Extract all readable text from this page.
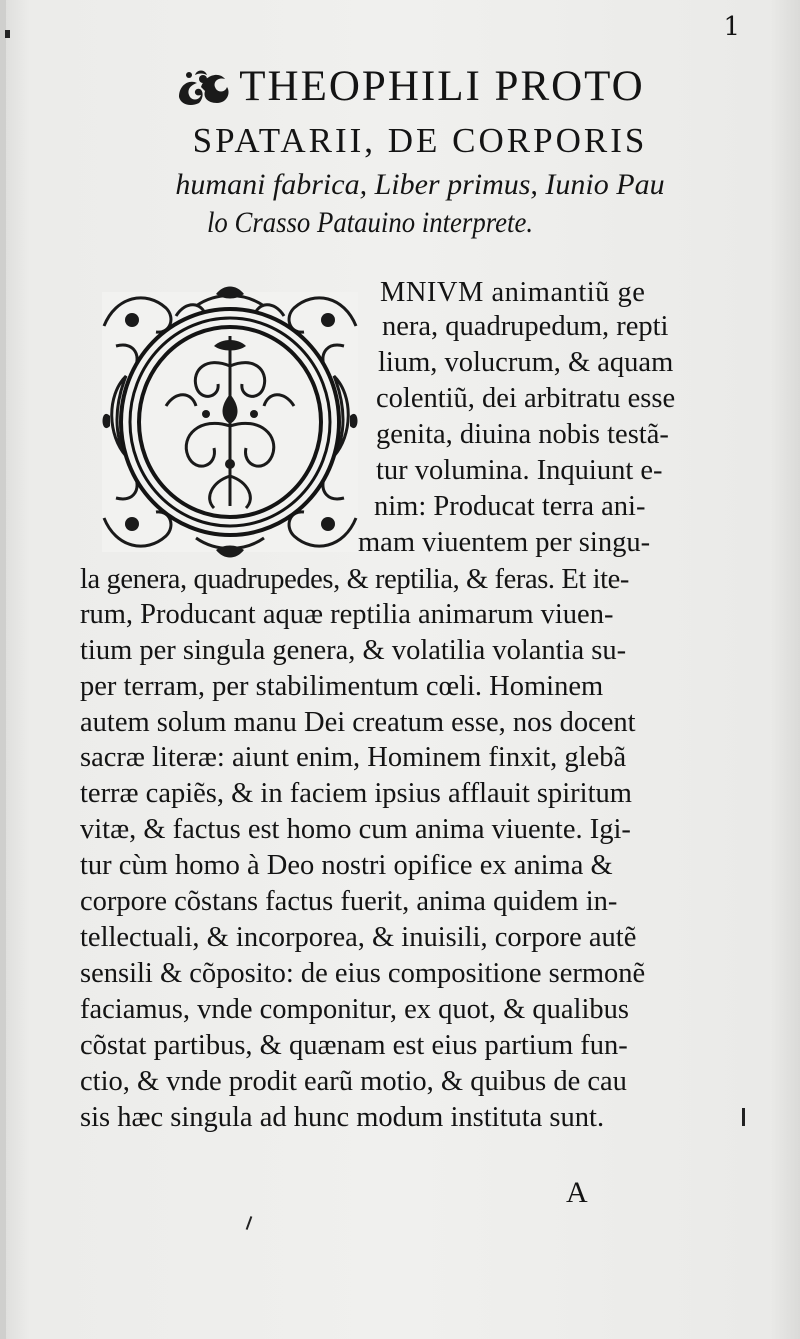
1
THEOPHILI PROTO
SPATARII, DE CORPORIS
humani fabrica, Liber primus, Iunio Pau
lo Crasso Patauino interprete.
MNIVM animantiũ ge
nera, quadrupedum, repti
lium, volucrum, & aquam
colentiũ, dei arbitratu esse
genita, diuina nobis testã-
tur volumina. Inquiunt e-
nim: Producat terra ani-
mam viuentem per singu-
la genera, quadrupedes, & reptilia, & feras. Et ite-
rum, Producant aquæ reptilia animarum viuen-
tium per singula genera, & volatilia volantia su-
per terram, per stabilimentum cœli. Hominem
autem solum manu Dei creatum esse, nos docent
sacræ literæ: aiunt enim, Hominem finxit, glebã
terræ capiẽs, & in faciem ipsius afflauit spiritum
vitæ, & factus est homo cum anima viuente. Igi-
tur cùm homo à Deo nostri opifice ex anima &
corpore cõstans factus fuerit, anima quidem in-
tellectuali, & incorporea, & inuisili, corpore autẽ
sensili & cõposito: de eius compositione sermonẽ
faciamus, vnde componitur, ex quot, & qualibus
cõstat partibus, & quænam est eius partium fun-
ctio, & vnde prodit earũ motio, & quibus de cau
sis hæc singula ad hunc modum instituta sunt.
A
